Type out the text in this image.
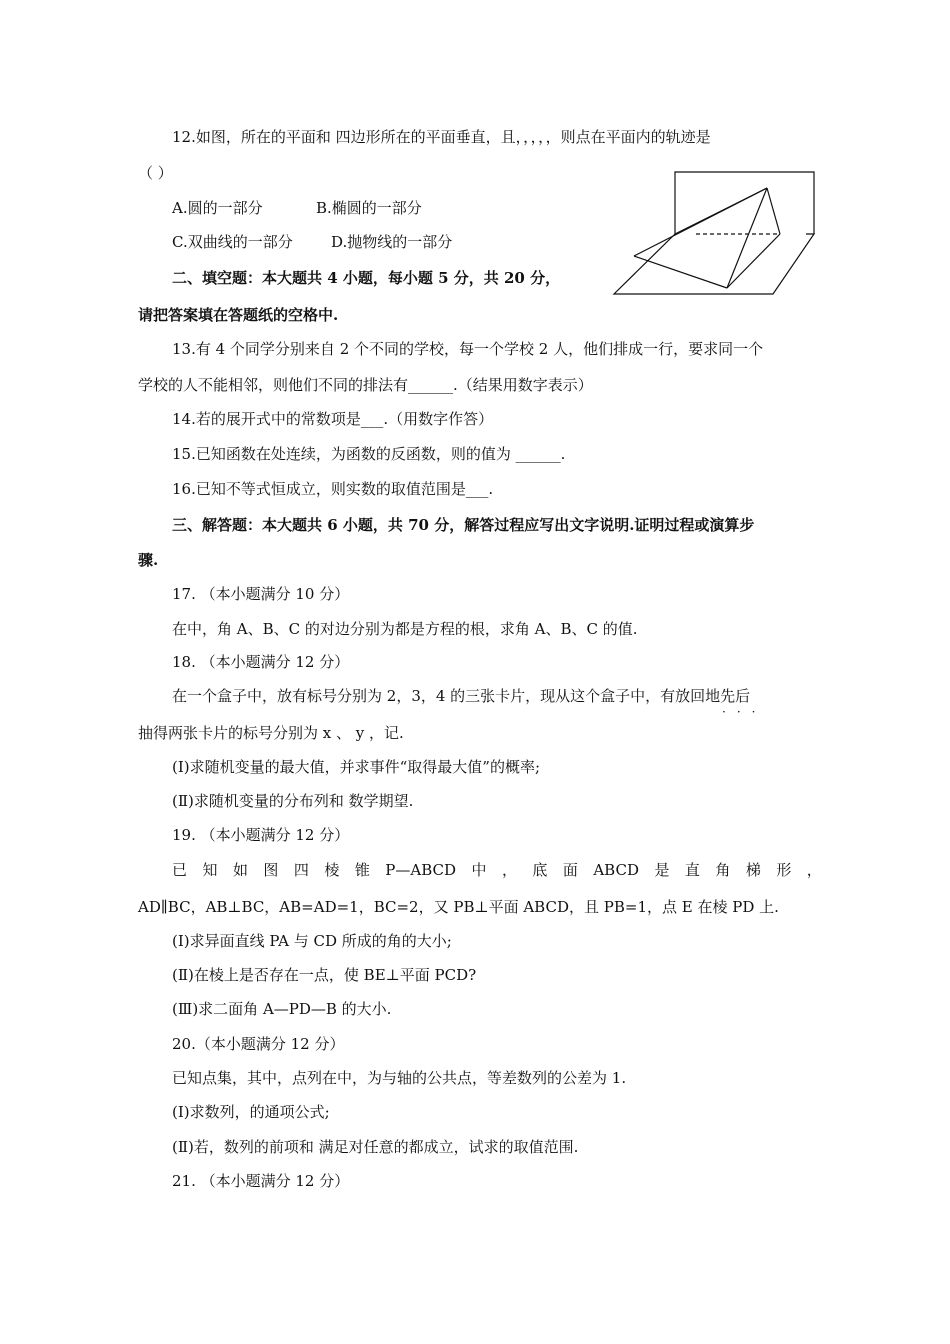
12.如图，所在的平面和 四边形所在的平面垂直，且，，，，，则点在平面内的轨迹是
（ ）
A.圆的一部分	B.椭圆的一部分
C.双曲线的一部分	D.抛物线的一部分
二、填空题：本大题共 4 小题，每小题 5 分，共 20 分，
请把答案填在答题纸的空格中.
13.有 4 个同学分别来自 2 个不同的学校，每一个学校 2 人，他们排成一行，要求同一个
学校的人不能相邻，则他们不同的排法有______.（结果用数字表示）
14.若的展开式中的常数项是___.（用数字作答）
15.已知函数在处连续，为函数的反函数，则的值为 ______.
16.已知不等式恒成立，则实数的取值范围是___.
三、解答题：本大题共 6 小题，共 70 分，解答过程应写出文字说明.证明过程或演算步
骤.
17. （本小题满分 10 分）
在中，角 A、B、C 的对边分别为都是方程的根，求角 A、B、C 的值.
18. （本小题满分 12 分）
在一个盒子中，放有标号分别为 2，3，4 的三张卡片，现从这个盒子中，有放回地先后
···
抽得两张卡片的标号分别为 x 、 y ，记.
(I)求随机变量的最大值，并求事件“取得最大值”的概率;
(Ⅱ)求随机变量的分布列和 数学期望.
19. （本小题满分 12 分）
已 知 如 图 四 棱 锥 P—ABCD 中 ， 底 面 ABCD 是 直 角 梯 形 ，
AD∥BC，AB⊥BC，AB=AD=1，BC=2，又 PB⊥平面 ABCD，且 PB=1，点 E 在棱 PD 上.
(I)求异面直线 PA 与 CD 所成的角的大小;
(Ⅱ)在棱上是否存在一点，使 BE⊥平面 PCD?
(Ⅲ)求二面角 A—PD—B 的大小.
20.（本小题满分 12 分）
已知点集，其中，点列在中，为与轴的公共点，等差数列的公差为 1.
(I)求数列，的通项公式;
(Ⅱ)若，数列的前项和 满足对任意的都成立，试求的取值范围.
21. （本小题满分 12 分）
